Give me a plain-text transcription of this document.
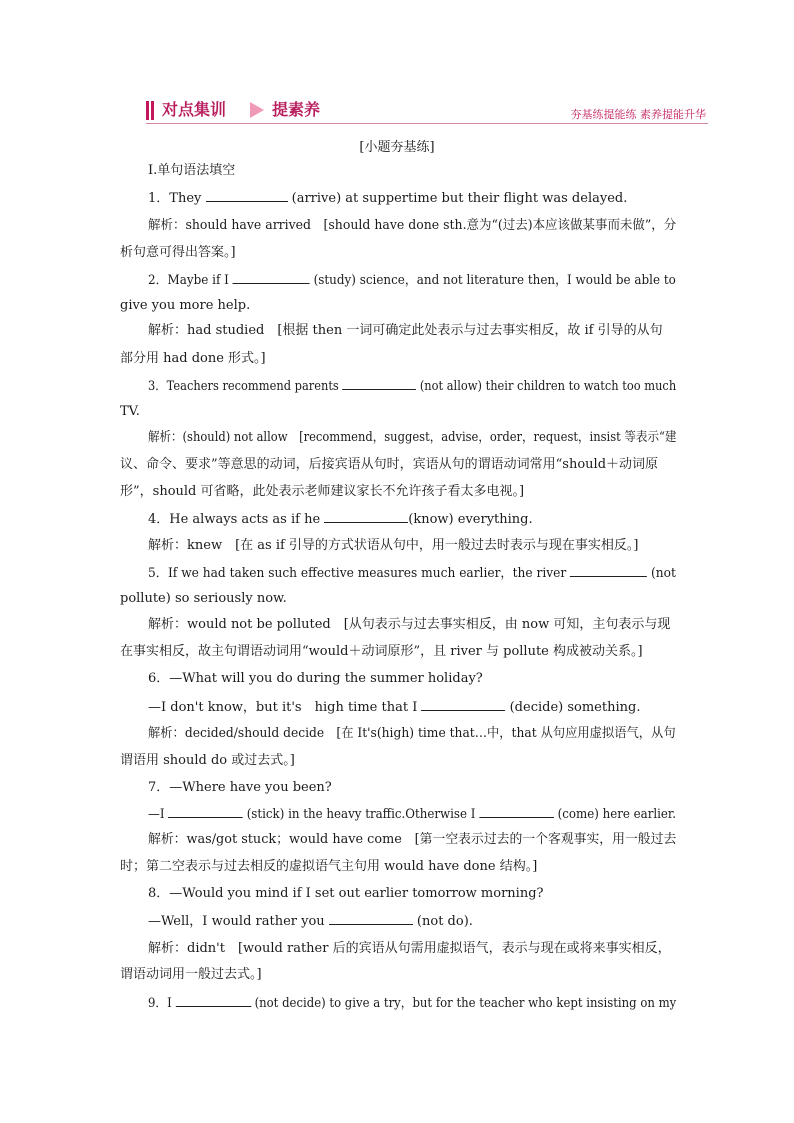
对点集训	提素养	夯基练提能练 素养提能升华
[小题夯基练]
Ⅰ.单句语法填空
1．They	(arrive) at suppertime but their flight was delayed.
解析：should have arrived　[should have done sth.意为“(过去)本应该做某事而未做”，分
析句意可得出答案。]
2．Maybe if I	(study) science，and not literature then，I would be able to
give you more help.
解析：had studied　[根据 then 一词可确定此处表示与过去事实相反，故 if 引导的从句
部分用 had done 形式。]
3．Teachers recommend parents	(not allow) their children to watch too much
TV.
解析：(should) not allow　[recommend，suggest，advise，order，request，insist 等表示“建
议、命令、要求”等意思的动词，后接宾语从句时，宾语从句的谓语动词常用“should＋动词原
形”，should 可省略，此处表示老师建议家长不允许孩子看太多电视。]
4．He always acts as if he	(know) everything.
解析：knew　[在 as if 引导的方式状语从句中，用一般过去时表示与现在事实相反。]
5．If we had taken such effective measures much earlier，the river	(not
pollute) so seriously now.
解析：would not be polluted　[从句表示与过去事实相反，由 now 可知，主句表示与现
在事实相反，故主句谓语动词用“would＋动词原形”，且 river 与 pollute 构成被动关系。]
6．—What will you do during the summer holiday?
—I don't know，but it's　high time that I	(decide) something.
解析：decided/should decide　[在 It's(high) time that…中，that 从句应用虚拟语气，从句
谓语用 should do 或过去式。]
7．—Where have you been?
—I	(stick) in the heavy traffic.Otherwise I	(come) here earlier.
解析：was/got stuck；would have come　[第一空表示过去的一个客观事实，用一般过去
时；第二空表示与过去相反的虚拟语气主句用 would have done 结构。]
8．—Would you mind if I set out earlier tomorrow morning?
—Well，I would rather you	(not do).
解析：didn't　[would rather 后的宾语从句需用虚拟语气，表示与现在或将来事实相反，
谓语动词用一般过去式。]
9．I	(not decide) to give a try，but for the teacher who kept insisting on my
